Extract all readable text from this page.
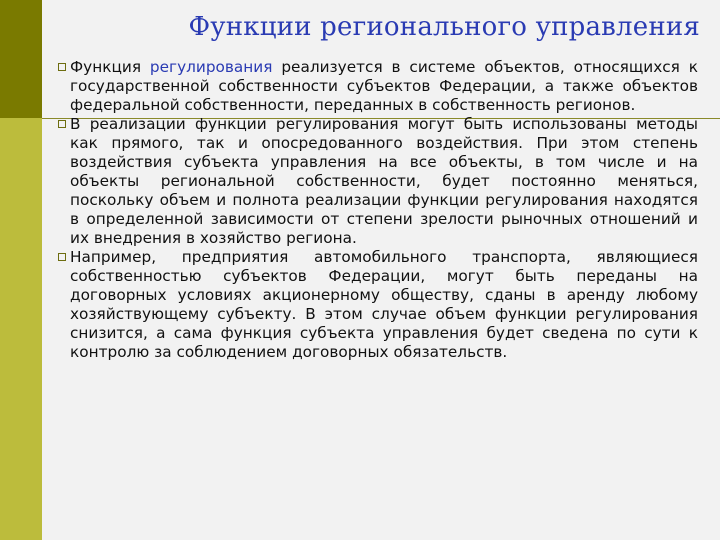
Функции регионального управления
Функция регулирования реализуется в системе объектов, относящихся к государственной собственности субъектов Федерации, а также объектов федеральной собственности, переданных в собственность регионов.
В реализации функции регулирования могут быть использованы методы как прямого, так и опосредованного воздействия. При этом степень воздействия субъекта управления на все объекты, в том числе и на объекты региональной собственности, будет постоянно меняться, поскольку объем и полнота реализации функции регулирования находятся в определенной зависимости от степени зрелости рыночных отношений и их внедрения в хозяйство региона.
Например, предприятия автомобильного транспорта, являющиеся собственностью субъектов Федерации, могут быть переданы на договорных условиях акционерному обществу, сданы в аренду любому хозяйствующему субъекту. В этом случае объем функции регулирования снизится, а сама функция субъекта управления будет сведена по сути к контролю за соблюдением договорных обязательств.
